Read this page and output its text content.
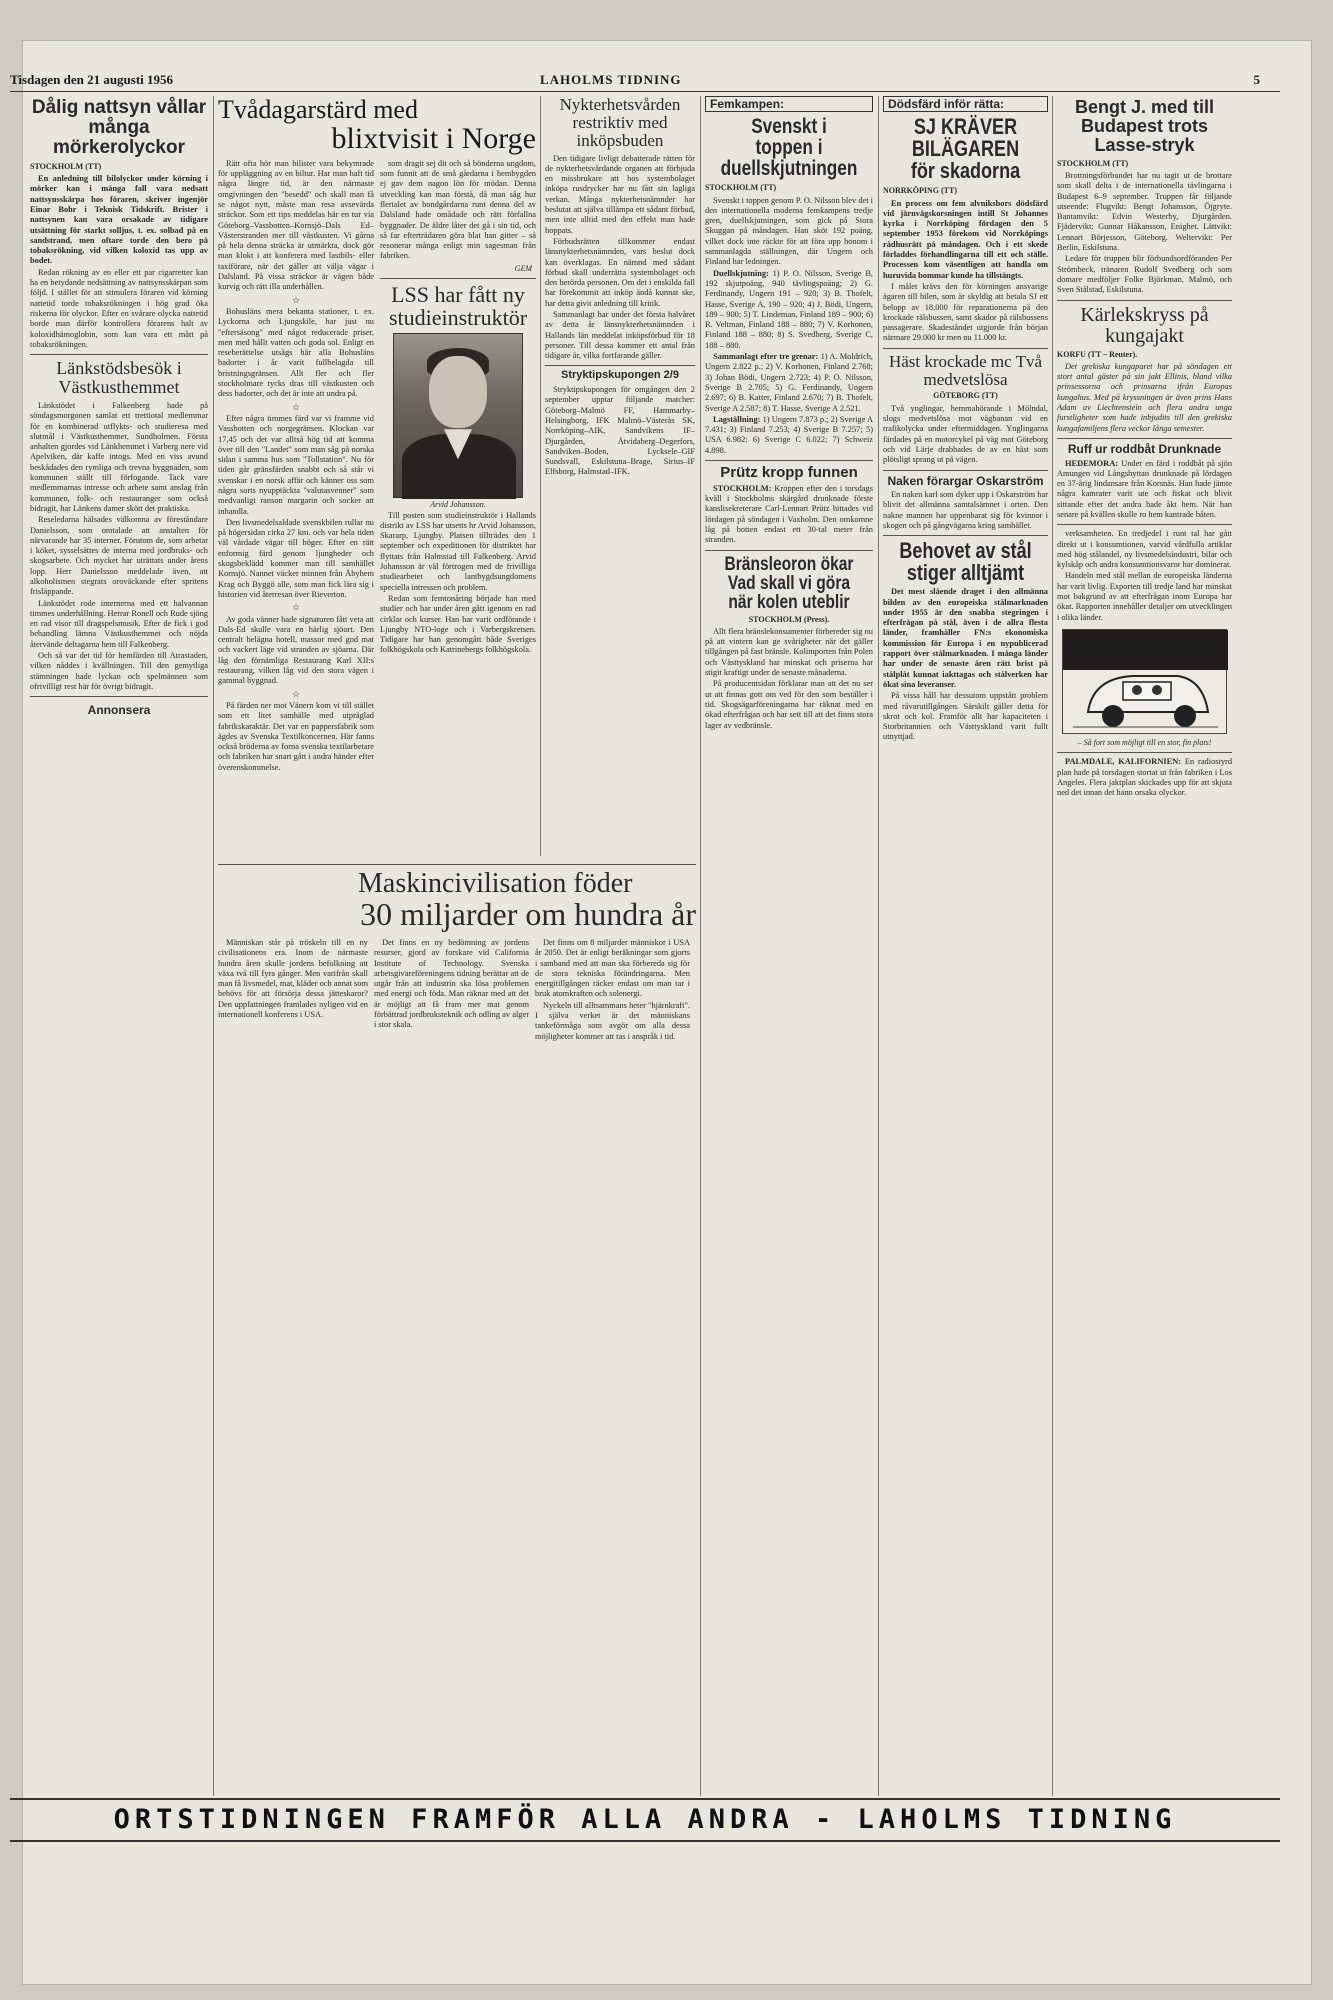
Tisdagen den 21 augusti 1956	LAHOLMS TIDNING	5
Dålig nattsyn vållar många mörkerolyckor
STOCKHOLM (TT)

En anledning till bilolyckor under körning i mörker kan i många fall vara nedsatt nattsynsskärpa hos föraren, skriver ingenjör Einar Bohr i Teknisk Tidskrift. Brister i nattsynen kan vara orsakade av tidigare utsättning för starkt solljus, t. ex. solbad på en sandstrand, men oftare torde den bero på tobaksrökning, vid vilken koloxid tas upp av bodet.

Redan rökning av en eller ett par cigarretter kan ha en betydande nedsättning av nattsynsskärpan som följd. I stället för att stimulera föraren vid körning nattetid torde tobaksrökningen i hög grad öka riskerna för olyckor. Efter en svårare olycka nattetid borde man därför kontrollera förarens halt av koloxidhämoglobin, som kan vara ett mått på tobaksrökningen.

Länkstödsbesök i Västkusthemmet

Länkstödet i Falkenberg hade på söndagsmorgonen samlat ett trettiotal medlemmar för en kombinerad utflykts- och studieresa med slutmål i Västkusthemmet, Sundholmen. Första anhalten gjordes vid Länkhemmet i Varberg nere vid Apelviken, där kaffe intogs. Med en viss avund beskådades den rymliga och trevna byggnaden, som kommunen ställt till förfogande. Tack vare medlemmarnas intresse och arbete samt anslag från kommunen, folk- och restauranger som också bidragit, har Länkens damer skött det praktiska.

Reseledarna hälsades välkomna av föreståndare Danielsson, som omtalade att anstalten för närvarande har 35 interner. Förutom de, som arbetar i köket, sysselsättes de interna med jordbruks- och skogsarbete. Och mycket har uträttats under årens lopp. Herr Danielsson meddelade även, att alkoholismen stegrats oroväckande efter spritens frisläppande.

Länkstödet rode internerna med ett halvannan timmes underhållning. Herrar Ronell och Rude sjöng en rad visor till dragspelsmusik. Efter de fick i god behandling lämna Västkusthemmet och nöjda återvände deltagarna hem till Falkenberg.

Och så var det tid för hemfärden till Atrastaden, vilken nåddes i kvällningen. Till den gemytliga stämningen hade lyckan och spelmännen som ofrivilligt rest här för övrigt bidragit.

Annonsera
Tvådagarstärd med
blixtvisit i Norge

Rätt ofta hör man bilister vara bekymrade för uppläggning av en biltur. Har man haft tid några längre tid, är den närmaste omgivningen den "besedd" och skall man få se något nytt, måste man resa avsevärda sträckor. Som ett tips meddelas här en tur via Göteborg–Vassbotten–Kornsjö–Dals Ed–Västerstranden mer till västkusten. Vi gårna på hela denna sträcka är utmärkta, dock gör man klokt i att konferera med lastbils- eller taxiförare, när det gäller att välja vägar i Dalsland. På vissa sträckor är vägen både kurvig och rätt illa underhållen.

☆

Bohusläns mera bekanta stationer, t. ex. Lyckorna och Ljungskile, har just nu "eftersäsong" med något reducerade priser, men med hållt vatten och goda sol. Enligt en reseberättelse utsågs här alla Bohusläns badorter i år varit fullbelagda till bristningsgränsen. Allt fler och fler stockholmare tycks dras till västkusten och dess badorter, och det är inte att undra på.

☆

Efter några timmes färd var vi framme vid Vassbotten och norgegränsen. Klockan var 17,45 och det var alltså hög tid att komma över till den "Landet" som man såg på norska sidan i samma hus som "Tollstation". Nu för tiden går gränsfärden snabbt och så står vi svenskar i en norsk affär och känner oss som några sorts nyupptäckta "valutasvenner" som medvanligt ranson margarin och socker att inhandla.

Den livsmedelsaldade svenskbilen rullar nu på högersidan cirka 27 km. och var hela tiden väl vårdade vägar till höger. Efter en rätt enformig färd genom ljungheder och skogsbeklädd kommer man till samhället Kornsjö. Nannet väcker minnen från Åbyhem Krag och Byggö alle, som man fick lära sig i historien vid återresan över Rieverton.

☆

Av goda vänner hade signaturen fått veta att Dals-Ed skulle vara en härlig sjöort. Den centralt belägna hotell, massor med god mat och vackert läge vid stranden av sjöarna. Där låg den förnämliga Restaurang Karl XII:s restaurang, vilken låg vid den stora vägen i gammal byggnad.

☆

På färden ner mot Vänern kom vi till stället som ett litet samhälle med utpräglad fabrikskaraktär. Det var en pappersfabrik som ägdes av Svenska Textilkoncernen. Här fanns också bröderna av forna svenska textilarbetare och fabriken har snart gått i andra händer efter överenskommelse.

som dragit sej dit och så bönderna ungdom, som funnit att de små gårdarna i hembygden ej gav dem nagon lön för mödan. Denna utveckling kan man förstå, då man såg hur flertalet av bondgårdarna runt denna del av Dalsland hade omådade och rätt förfallna byggnader. De äldre låter det gå i sin tid, och så far efterträdaren göra blat han gitter – så resonerar många enligt min sagesman från fabriken.

GEM
LSS har fått ny studieinstruktör
Arvid Johansson.

Till posten som studieinstruktör i Hallands distrikt av LSS har utsetts hr Arvid Johansson, Skararp, Ljungby. Platsen tillträdes den 1 september och expeditionen för distriktet har flyttats från Halmstad till Falkenberg. Arvid Johansson är väl förtrogen med de frivilliga studiearbetet och lantbygdsungdomens speciella intressen och problem.

Redan som femtonåring började han med studier och har under åren gått igenom en rad cirklar och kurser. Han har varit ordförande i Ljungby NTO-loge och i Varbergskretsen. Tidigare har han genomgått både Sveriges folkhögskola och Katrinebergs folkhögskola.

Nykterhetsvården restriktiv med inköpsbuden

Den tidigare livligt debatterade rätten för de nykterhetsvårdande organen att förbjuda en missbrukare att hos systembolaget inköpa rusdrycker har nu fått sin lagliga verkan. Många nykterhetsnämnder har beslutat att själva tillämpa ett sådant förbud, men inte alltid med den effekt man hade hoppats.

Förbudsrätten tillkommer endast länsnykterhetsnämnden, vars beslut dock kan överklagas. En nämnd med sådant förbud skall underrätta systembolaget och den berörda personen. Om det i enskilda fall har förekommit att inköp ändå kunnat ske, har detta givit anledning till kritik.

Sammanlagt har under det första halvåret av detta år länsnykterhetsnämnden i Hallands län meddelat inköpsförbud för 18 personer. Till dessa kommer ett antal från tidigare år, vilka fortfarande gäller.

Stryktipskupongen 2/9

Stryktipskupongen för omgången den 2 september upptar följande matcher: Göteborg–Malmö FF, Hammarby–Helsingborg, IFK Malmö–Västerås SK, Norrköping–AIK, Sandvikens IF–Djurgården, Åtvidaberg–Degerfors, Sandviken–Boden, Lycksele–GIF Sundsvall, Eskilstuna–Brage, Sirius–IF Elfsborg, Halmstad–IFK.

Maskincivilisation föder
30 miljarder om hundra år

Människan står på tröskeln till en ny civilisationens era. Inom de närmaste hundra åren skulle jordens befolkning att växa två till fyra gånger. Men varifrån skall man få livsmedel, mat, kläder och annat som behövs för att försörja dessa jätteskaror? Den uppfattningen framlades nyligen vid en internationell konferens i USA.

Det finns en ny bedömning av jordens resurser, gjord av forskare vid California Institute of Technology. Svenska arbetsgivareföreningens tidning berättar att de utgår från att industrin ska lösa problemen med energi och föda. Man räknar med att det är möjligt att få fram mer mat genom förbättrad jordbruksteknik och odling av alger i stor skala.

Det finns om 8 miljarder människor i USA år 2050. Det är enligt beräkningar som gjorts i samband med att man ska förbereda sig för de stora tekniska förändringarna. Men energitillgången räcker endast om man tar i bruk atomkraften och solenergi.

Nyckeln till alltsammans heter "hjärnkraft". I själva verket är det människans tankeförmåga som avgör om alla dessa möjligheter kommer att tas i anspråk i tid.

Femkampen:
Svenskt i toppen i duellskjutningen
STOCKHOLM (TT)

Svenskt i toppen genom P. O. Nilsson blev det i den internationella moderna femkampens tredje gren, duellskjutningen, som gick på Stora Skuggan på måndagen. Han sköt 192 poäng, vilket dock inte räckte för att föra upp honom i sammanlagda ställningen, där Ungern och Finland har ledningen.

Duellskjutning: 1) P. O. Nilsson, Sverige B, 192 skjutpoäng, 940 tävlingspoäng; 2) G. Ferdinandy, Ungern 191 – 920; 3) B. Thofelt, Hasse, Sverige A, 190 – 920; 4) J. Bödi, Ungern, 189 – 900; 5) T. Lindeman, Finland 189 – 900; 6) R. Veltman, Finland 188 – 880; 7) V. Korhonen, Finland 188 – 880; 8) S. Svedberg, Sverige C, 188 – 880.

Sammanlagt efter tre grenar: 1) A. Moldrich, Ungern 2.822 p.; 2) V. Korhonen, Finland 2.768; 3) Johan Bödi, Ungern 2.723; 4) P. O. Nilsson, Sverige B 2.705; 5) G. Ferdinandy, Ungern 2.697; 6) B. Katter, Finland 2.670; 7) B. Thofelt, Sverige A 2.587; 8) T. Hasse, Sverige A 2.521.

Lagställning: 1) Ungern 7.873 p.; 2) Sverige A 7.431; 3) Finland 7.253; 4) Sverige B 7.257; 5) USA 6.982; 6) Sverige C 6.022; 7) Schweiz 4.898.

Prütz kropp funnen

STOCKHOLM: Kroppen efter den i torsdags kväll i Stockholms skärgård drunknade förste kanslisekreterare Carl-Lennart Prütz hittades vid lördagen på söndagen i Vaxholm. Den omkomne låg på botten endast ett 30-tal meter från stranden.

Bränsleoron ökar Vad skall vi göra när kolen uteblir
STOCKHOLM (Press).

Allt flera bränslekonsumenter förbereder sig nu på att vintern kan ge svårigheter när det gäller tillgången på fast bränsle. Kolimporten från Polen och Västtyskland har minskat och priserna har stigit kraftigt under de senaste månaderna.

På producentsidan förklarar man att det nu ser ut att finnas gott om ved för den som beställer i tid. Skogsägarföreningarna har räknat med en ökad efterfrågan och har sett till att det finns stora lager av vedbränsle.

Dödsfärd inför rätta:
SJ KRÄVER BILÄGAREN för skadorna
NORRKÖPING (TT)

En process om fem alvniksbors dödsfärd vid järnvägskorsningen intill St Johannes kyrka i Norrköping fördagen den 5 september 1953 förekom vid Norrköpings rådhusrätt på måndagen. Och i ett skede förladdes förhandlingarna till ett och ställe. Processen kom väsentligen att handla om huruvida bommar kunde ha tillstängts.

I målet krävs den för körningen ansvarige ägaren till bilen, som är skyldig att betala SJ ett belopp av 18.000 för reparationerna på den krockade rälsbussen, samt skador på rälsbussens passagerare. Skadeståndet utgjorde från början närmare 29.000 kr men nu 11.000 kr.

Häst krockade mc Två medvetslösa
GÖTEBORG (TT)

Två ynglingar, hemmahörande i Mölndal, slogs medvetslösa mot vägbanan vid en trafikolycka under eftermiddagen. Ynglingarna färdades på en motorcykel på väg mot Göteborg och vid Lärje drabbades de av en häst som plötsligt sprang ut på vägen.

Naken förargar Oskarström

En naken karl som dyker upp i Oskarström har blivit det allmänna samtalsämnet i orten. Den nakne mannen har uppenbarat sig för kvinnor i skogen och på gångvägarna kring samhället.

Behovet av stål stiger alltjämt

Det mest slående draget i den allmänna bilden av den europeiska stålmarknaden under 1955 är den snabba stegringen i efterfrågan på stål, även i de allra flesta länder, framhåller FN:s ekonomiska kommission för Europa i en nypublicerad rapport över stålmarknaden. I många länder har under de senaste åren rätt brist på stålplåt kunnat iakttagas och stålverken har ökat sina leveranser.

På vissa håll har dessutom uppstått problem med råvarutillgången. Särskilt gäller detta för skrot och kol. Framför allt har kapaciteten i Storbritannien och Västtyskland varit fullt utnyttjad.

Bengt J. med till Budapest trots Lasse-stryk
STOCKHOLM (TT)

Brottningsförbundet har nu tagit ut de brottare som skall delta i de internationella tävlingarna i Budapest 6–9 september. Truppen får följande utseende: Flugvikt: Bengt Johansson, Öjgryte. Bantamvikt: Edvin Westerby, Djurgården. Fjädervikt: Gunnar Håkansson, Enighet. Lättvikt: Lennart Börjesson, Göteborg. Weltervikt: Per Berlin, Eskilstuna.

Ledare för truppen blir förbundsordföranden Per Strömbeck, tränaren Rudolf Svedberg och som domare medföljer Folke Björkman, Malmö, och Sven Stålstad, Eskilstuna.

Kärlekskryss på kungajakt
KORFU (TT – Reuter).

Det grekiska kungaparet har på söndagen ett stort antal gäster på sin jakt Ellinis, bland vilka prinsessorna och prinsarna ifrån Europas kungahus. Med på kryssningen är även prins Hans Adam av Liechtenstein och flera andra unga furstligheter som hade inbjudits till den grekiska kungafamiljens flera veckor långa semester.

Ruff ur roddbåt Drunknade

HEDEMORA: Under en färd i roddbåt på sjön Amungen vid Långshyttan drunknade på lördagen en 37-årig lindansare från Korsnäs. Han hade jämte några kamrater varit ute och fiskat och blivit sittande efter det andra hade åkt hem. När han senare på kvällen skulle ro hem kantrade båten.

verksamheten. En tredjedel i runt tal har gått direkt ut i konsumtionen, varvid vårdfulla artiklar med hög stålandel, ny livsmedelsindustri, bilar och kylskåp och andra konsumtionsvaror har dominerat.

Handeln med stål mellan de europeiska länderna har varit livlig. Exporten till tredje land har minskat mot bakgrund av att efterfrågan inom Europa har ökat. Rapporten innehåller detaljer om utvecklingen i olika länder.

– Så fort som möjligt till en stor, fin plats!

PALMDALE, KALIFORNIEN: En radiostyrd plan hade på torsdagen stortat ut från fabriken i Los Angeles. Flera jaktplan skickades upp för att skjuta ned det innan det hann orsaka olyckor.

ORTSTIDNINGEN FRAMFÖR ALLA ANDRA - LAHOLMS TIDNING
